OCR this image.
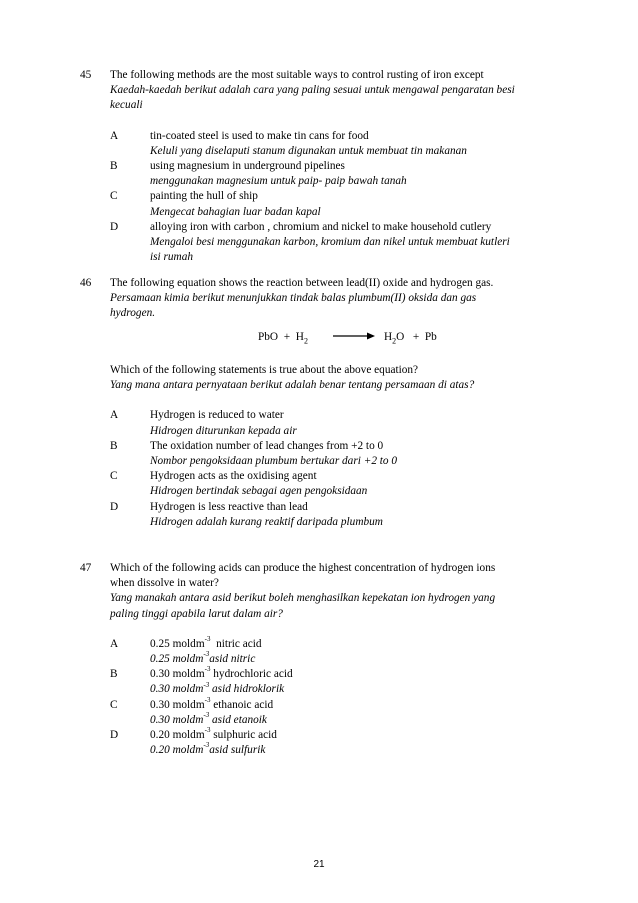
45 The following methods are the most suitable ways to control rusting of iron except
Kaedah-kaedah berikut adalah cara yang paling sesuai untuk mengawal pengaratan besi
kecuali
A	tin-coated steel is used to make tin cans for food
Keluli yang diselaputi stanum digunakan untuk membuat tin makanan
B	using magnesium in underground pipelines
menggunakan magnesium untuk paip- paip bawah tanah
C	painting the hull of ship
Mengecat bahagian luar badan kapal
D	alloying iron with carbon , chromium and nickel to make household cutlery
Mengaloi besi menggunakan karbon, kromium dan nikel untuk membuat kutleri
isi rumah
46 The following equation shows the reaction between lead(II) oxide and hydrogen gas.
Persamaan kimia berikut menunjukkan tindak balas plumbum(II) oksida dan gas
hydrogen.
PbO + $H_2 \to H_2O + Pb$
Which of the following statements is true about the above equation?
Yang mana antara pernyataan berikut adalah benar tentang persamaan di atas?
A	Hydrogen is reduced to water
Hidrogen diturunkan kepada air
B	The oxidation number of lead changes from +2 to 0
Nombor pengoksidaan plumbum bertukar dari +2 to 0
C	Hydrogen acts as the oxidising agent
Hidrogen bertindak sebagai agen pengoksidaan
D	Hydrogen is less reactive than lead
Hidrogen adalah kurang reaktif daripada plumbum
47 Which of the following acids can produce the highest concentration of hydrogen ions
when dissolve in water?
Yang manakah antara asid berikut boleh menghasilkan kepekatan ion hydrogen yang
paling tinggi apabila larut dalam air?
A	0.25 moldm$^{-3}$  nitric acid
0.25 moldm$^{-3}$asid nitric
B	0.30 moldm$^{-3}$ hydrochloric acid
0.30 moldm$^{-3}$ asid hidroklorik
C	0.30 moldm$^{-3}$ ethanoic acid
0.30 moldm$^{-3}$ asid etanoik
D	0.20 moldm$^{-3}$ sulphuric acid
0.20 moldm$^{-3}$asid sulfurik
21
